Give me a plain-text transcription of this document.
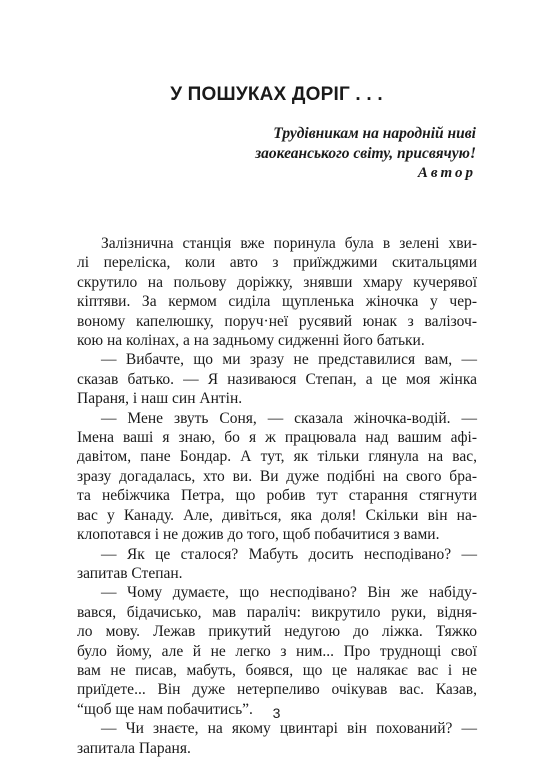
У ПОШУКАХ ДОРІГ . . .
Трудівникам на народній ниві
заокеанського світу, присвячую!
Автор

Залізнична станція вже поринула була в зелені хви-
лі переліска, коли авто з приїжджими скитальцями
скрутило на польову доріжку, знявши хмару кучерявої
кіптяви. За кермом сиділа щупленька жіночка у чер-
воному капелюшку, поруч·неї русявий юнак з валізоч-
кою на колінах, а на задньому сидженні його батьки.

— Вибачте, що ми зразу не представилися вам, —
сказав батько. — Я називаюся Степан, а це моя жінка
Параня, і наш син Антін.

— Мене звуть Соня, — сказала жіночка-водій. —
Імена ваші я знаю, бо я ж працювала над вашим афі-
давітом, пане Бондар. А тут, як тільки глянула на вас,
зразу догадалась, хто ви. Ви дуже подібні на свого бра-
та небіжчика Петра, що робив тут старання стягнути
вас у Канаду. Але, дивіться, яка доля! Скільки він на-
клопотався і не дожив до того, щоб побачитися з вами.

— Як це сталося? Мабуть досить несподівано? —
запитав Степан.

— Чому думаєте, що несподівано? Він же набіду-
вався, бідачисько, мав параліч: викрутило руки, відня-
ло мову. Лежав прикутий недугою до ліжка. Тяжко
було йому, але й не легко з ним... Про труднощі свої
вам не писав, мабуть, боявся, що це налякає вас і не
приїдете... Він дуже нетерпеливо очікував вас. Казав,
“щоб ще нам побачитись”.

— Чи знаєте, на якому цвинтарі він похований? —
запитала Параня.

3
